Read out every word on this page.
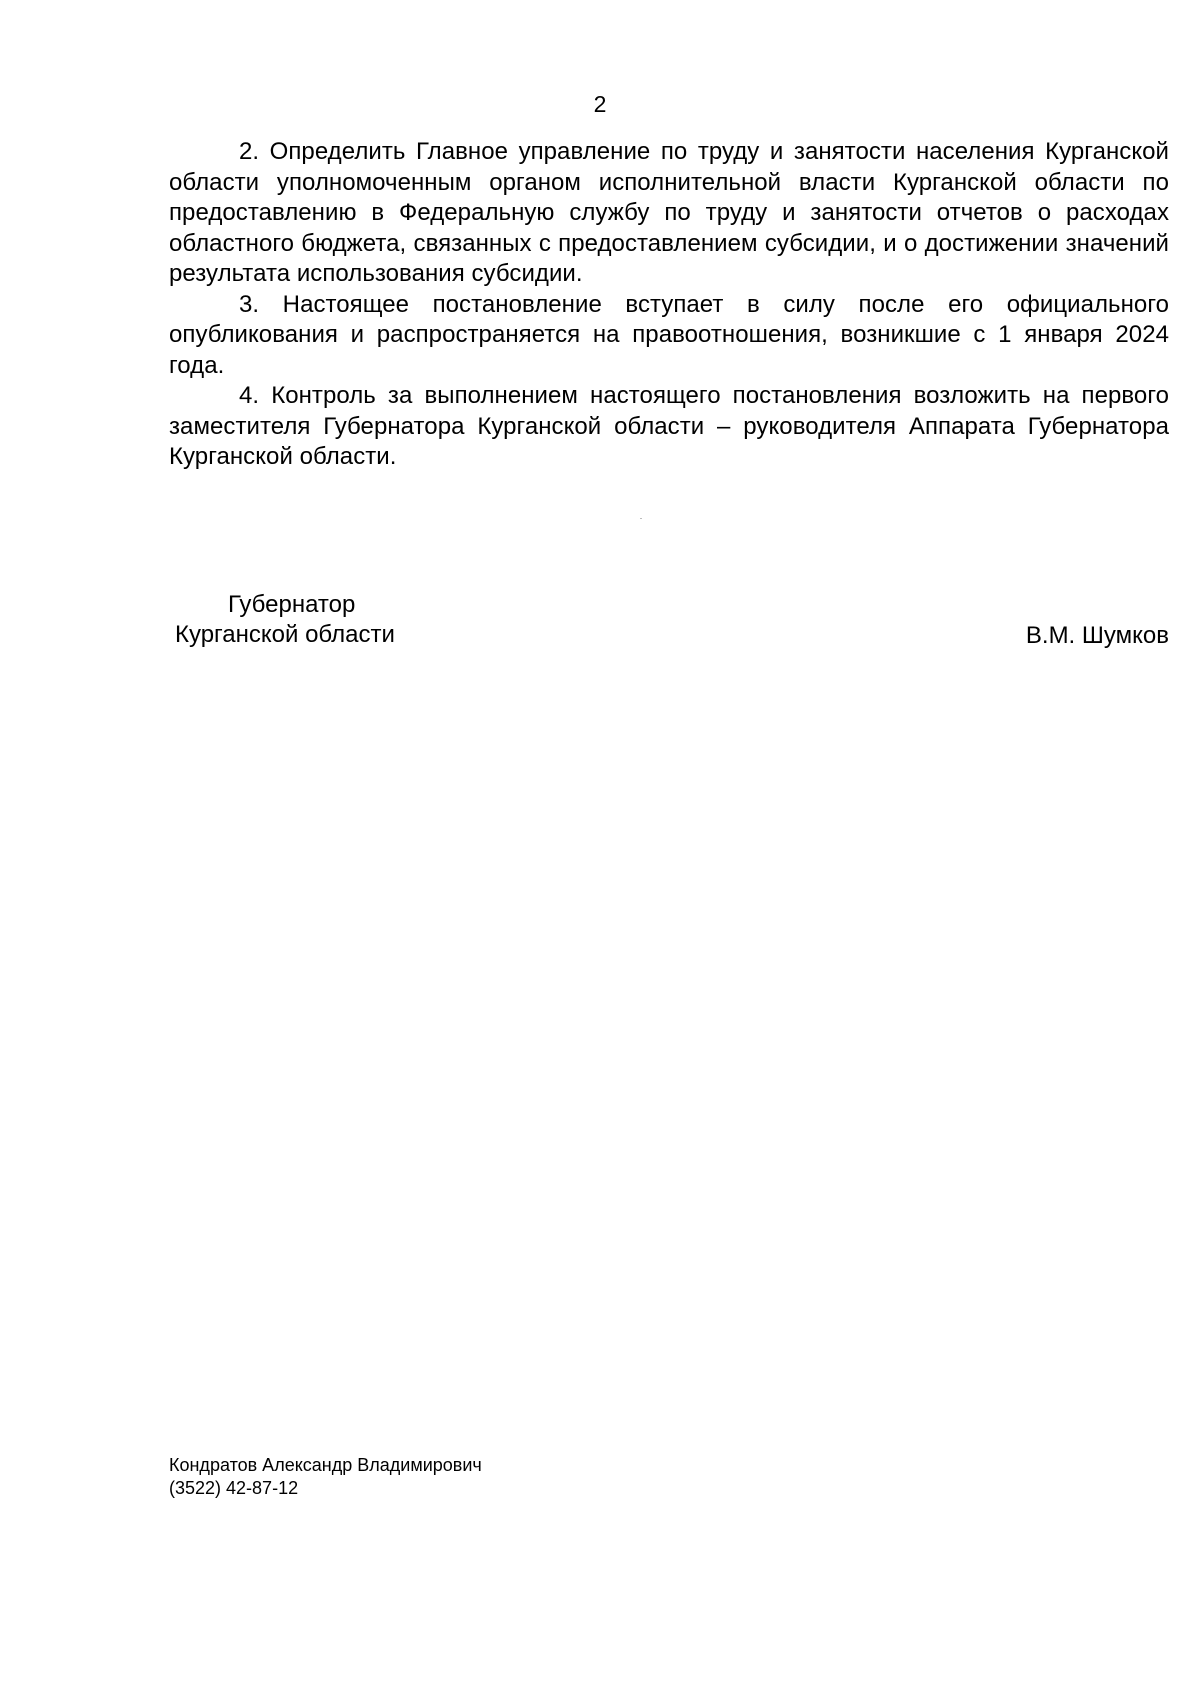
2

2. Определить Главное управление по труду и занятости населения Курганской области уполномоченным органом исполнительной власти Курганской области по предоставлению в Федеральную службу по труду и занятости отчетов о расходах областного бюджета, связанных с предоставлением субсидии, и о достижении значений результата использования субсидии.

3. Настоящее постановление вступает в силу после его официального опубликования и распространяется на правоотношения, возникшие с 1 января 2024 года.

4. Контроль за выполнением настоящего постановления возложить на первого заместителя Губернатора Курганской области – руководителя Аппарата Губернатора Курганской области.

Губернатор
Курганской области	В.М. Шумков
Кондратов Александр Владимирович
(3522) 42-87-12
